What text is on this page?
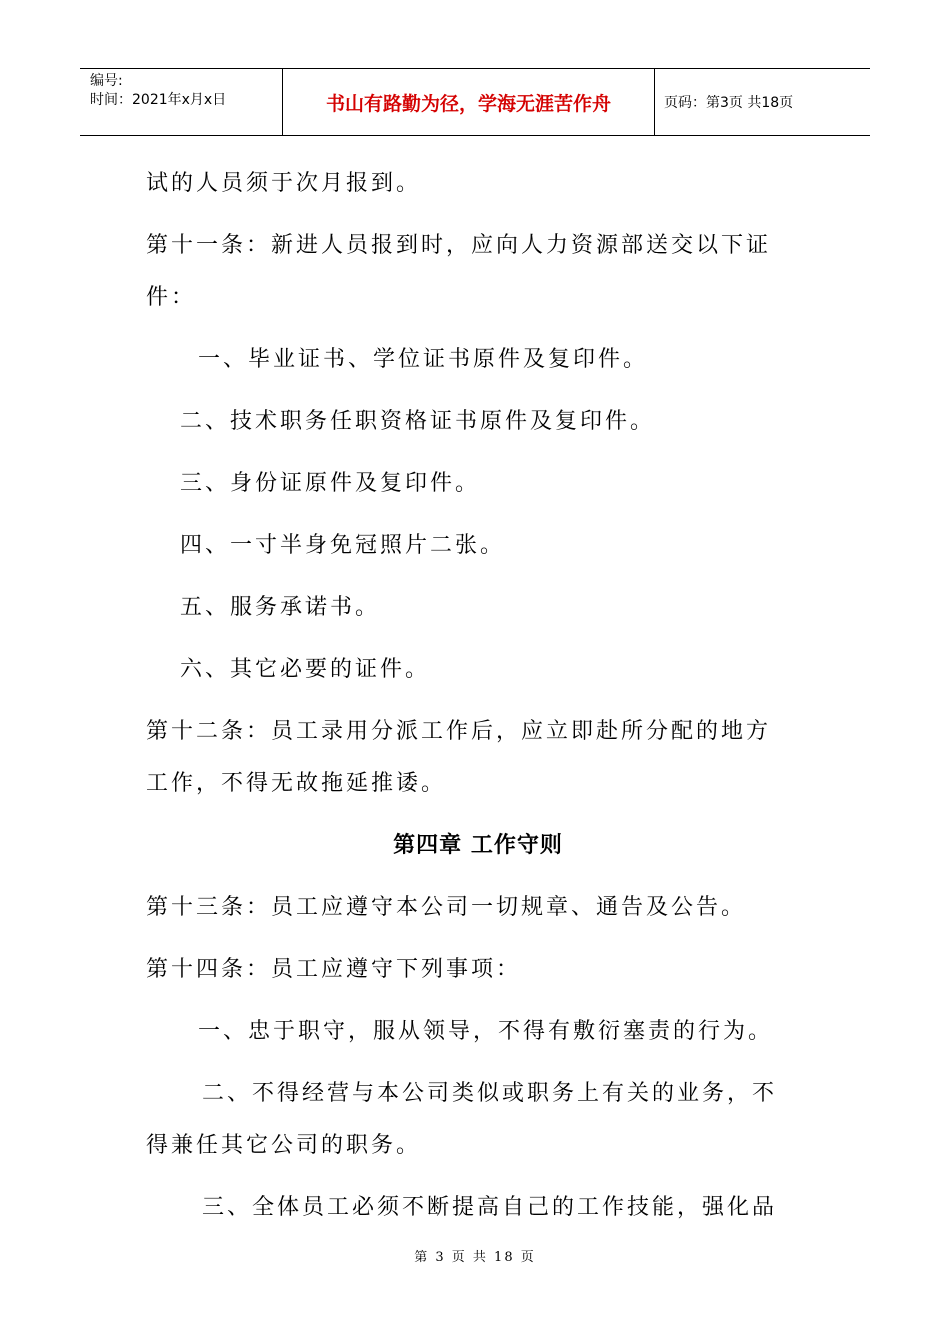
编号:
时间：2021年x月x日	书山有路勤为径，学海无涯苦作舟	页码：第3页 共18页
试的人员须于次月报到。
第十一条：新进人员报到时，应向人力资源部送交以下证
件：
一、毕业证书、学位证书原件及复印件。
二、技术职务任职资格证书原件及复印件。
三、身份证原件及复印件。
四、一寸半身免冠照片二张。
五、服务承诺书。
六、其它必要的证件。
第十二条：员工录用分派工作后，应立即赴所分配的地方
工作，不得无故拖延推诿。
第四章 工作守则
第十三条：员工应遵守本公司一切规章、通告及公告。
第十四条：员工应遵守下列事项：
一、忠于职守，服从领导，不得有敷衍塞责的行为。
二、不得经营与本公司类似或职务上有关的业务，不
得兼任其它公司的职务。
三、全体员工必须不断提高自己的工作技能，强化品
第 3 页 共 18 页
